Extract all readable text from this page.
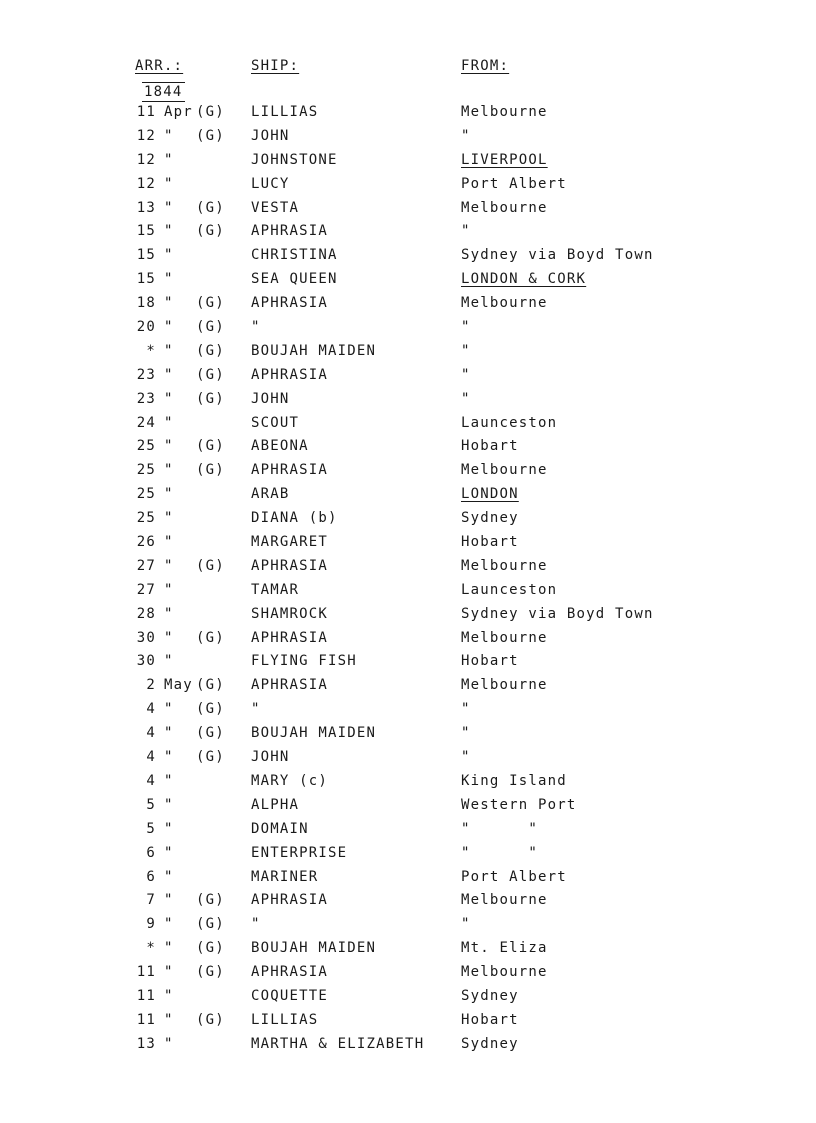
ARR.:	SHIP:	FROM:
1844
11 Apr (G) LILLIAS	Melbourne
12 " (G) JOHN	"
12 "	JOHNSTONE	LIVERPOOL
12 "	LUCY	Port Albert
13 " (G) VESTA	Melbourne
15 " (G) APHRASIA	"
15 "	CHRISTINA	Sydney via Boyd Town
15 "	SEA QUEEN	LONDON & CORK
18 " (G) APHRASIA	Melbourne
20 " (G) "	"
* " (G) BOUJAH MAIDEN	"
23 " (G) APHRASIA	"
23 " (G) JOHN	"
24 "	SCOUT	Launceston
25 " (G) ABEONA	Hobart
25 " (G) APHRASIA	Melbourne
25 "	ARAB	LONDON
25 "	DIANA (b)	Sydney
26 "	MARGARET	Hobart
27 " (G) APHRASIA	Melbourne
27 "	TAMAR	Launceston
28 "	SHAMROCK	Sydney via Boyd Town
30 " (G) APHRASIA	Melbourne
30 "	FLYING FISH	Hobart
2 May (G) APHRASIA	Melbourne
4 " (G) "	"
4 " (G) BOUJAH MAIDEN	"
4 " (G) JOHN	"
4 "	MARY (c)	King Island
5 "	ALPHA	Western Port
5 "	DOMAIN	"      "
6 "	ENTERPRISE	"      "
6 "	MARINER	Port Albert
7 " (G) APHRASIA	Melbourne
9 " (G) "	"
* " (G) BOUJAH MAIDEN	Mt. Eliza
11 " (G) APHRASIA	Melbourne
11 "	COQUETTE	Sydney
11 " (G) LILLIAS	Hobart
13 "	MARTHA & ELIZABETH	Sydney
